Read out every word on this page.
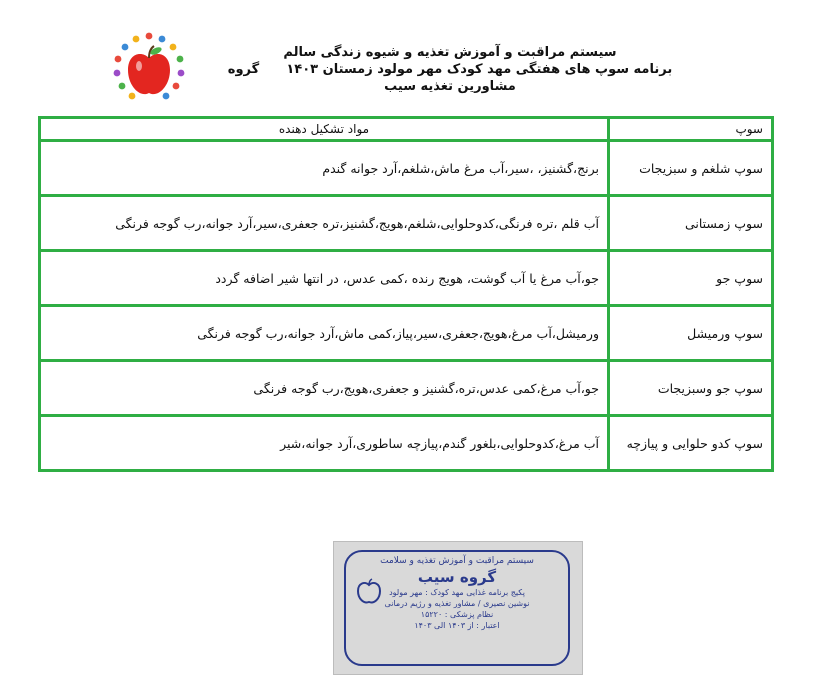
سیستم مراقبت و آموزش تغذیه و شیوه زندگی سالم
برنامه سوپ های هفتگی مهد کودک مهر مولود زمستان ۱۴۰۳      گروه مشاورین تغذیه سیب
سوپ	مواد تشکیل دهنده
سوپ شلغم و سبزیجات	برنج،گشنیز، ،سیر،آب مرغ ماش،شلغم،آرد جوانه گندم
سوپ زمستانی	آب قلم ،تره فرنگی،کدوحلوایی،شلغم،هویج،گشنیز،تره جعفری،سیر،آرد جوانه،رب گوجه فرنگی
سوپ جو	جو،آب مرغ یا آب گوشت، هویج رنده ،کمی عدس، در انتها شیر اضافه گردد
سوپ ورمیشل	ورمیشل،آب مرغ،هویج،جعفری،سیر،پیاز،کمی ماش،آرد جوانه،رب گوجه فرنگی
سوپ جو وسبزیجات	جو،آب مرغ،کمی عدس،تره،گشنیز و جعفری،هویج،رب گوجه فرنگی
سوپ کدو حلوایی و پیازچه	آب مرغ،کدوحلوایی،بلغور گندم،پیازچه ساطوری،آرد جوانه،شیر
سیستم مراقبت و آموزش تغذیه و سلامت
گروه سیب
پکیج برنامه غذایی مهد کودک : مهر مولود
نوشین نصیری / مشاور تغذیه و رژیم درمانی
نظام پزشکی : ۱۵۲۲۰
اعتبار : از ۱۴۰۳ الی ۱۴۰۳
